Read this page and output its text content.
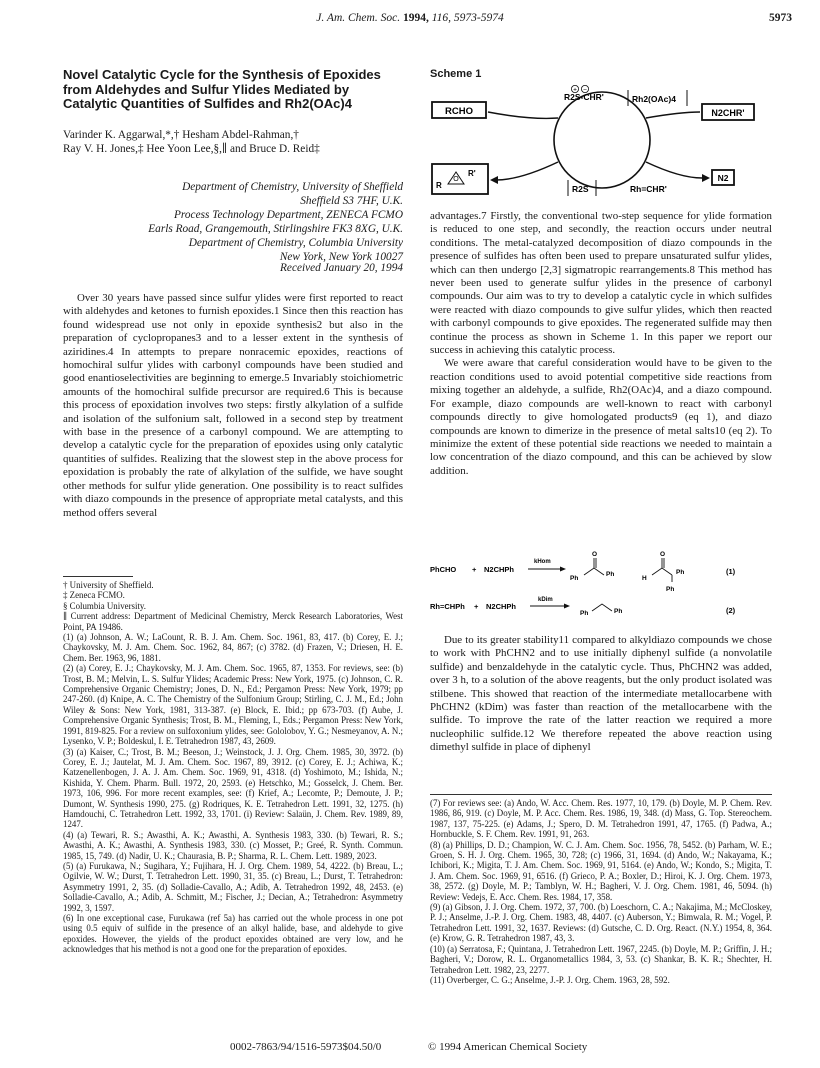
J. Am. Chem. Soc. 1994, 116, 5973-5974	5973
Novel Catalytic Cycle for the Synthesis of Epoxides from Aldehydes and Sulfur Ylides Mediated by Catalytic Quantities of Sulfides and Rh2(OAc)4
Varinder K. Aggarwal,*,† Hesham Abdel-Rahman,†
Ray V. H. Jones,‡ Hee Yoon Lee,§,∥ and Bruce D. Reid‡
Department of Chemistry, University of Sheffield
Sheffield S3 7HF, U.K.
Process Technology Department, ZENECA FCMO
Earls Road, Grangemouth, Stirlingshire FK3 8XG, U.K.
Department of Chemistry, Columbia University
New York, New York 10027
Received January 20, 1994

Over 30 years have passed since sulfur ylides were first reported to react with aldehydes and ketones to furnish epoxides.1 Since then this reaction has found widespread use not only in epoxide synthesis2 but also in the preparation of cyclopropanes3 and to a lesser extent in the synthesis of aziridines.4 In attempts to prepare nonracemic epoxides, reactions of homochiral sulfur ylides with carbonyl compounds have been studied and good enantioselectivities are beginning to emerge.5 Invariably stoichiometric amounts of the homochiral sulfide precursor are required.6 This is because this process of epoxidation involves two steps: firstly alkylation of a sulfide and isolation of the sulfonium salt, followed in a second step by treatment with base in the presence of a carbonyl compound. We are attempting to develop a catalytic cycle for the preparation of epoxides using only catalytic quantities of sulfides. Realizing that the slowest step in the above process for epoxidation is probably the rate of alkylation of the sulfide, we have sought other methods for sulfur ylide generation. One possibility is to react sulfides with diazo compounds in the presence of appropriate metal catalysts, and this method offers several

† University of Sheffield.

‡ Zeneca FCMO.

§ Columbia University.

∥ Current address: Department of Medicinal Chemistry, Merck Research Laboratories, West Point, PA 19486.

(1) (a) Johnson, A. W.; LaCount, R. B. J. Am. Chem. Soc. 1961, 83, 417. (b) Corey, E. J.; Chaykovsky, M. J. Am. Chem. Soc. 1962, 84, 867; (c) 3782. (d) Frazen, V.; Driesen, H. E. Chem. Ber. 1963, 96, 1881.

(2) (a) Corey, E. J.; Chaykovsky, M. J. Am. Chem. Soc. 1965, 87, 1353. For reviews, see: (b) Trost, B. M.; Melvin, L. S. Sulfur Ylides; Academic Press: New York, 1975. (c) Johnson, C. R. Comprehensive Organic Chemistry; Jones, D. N., Ed.; Pergamon Press: New York, 1979; pp 247-260. (d) Knipe, A. C. The Chemistry of the Sulfonium Group; Stirling, C. J. M., Ed.; John Wiley & Sons: New York, 1981, 313-387. (e) Block, E. Ibid.; pp 673-703. (f) Aube, J. Comprehensive Organic Synthesis; Trost, B. M., Fleming, I., Eds.; Pergamon Press: New York, 1991, 819-825. For a review on sulfoxonium ylides, see: Gololobov, Y. G.; Nesmeyanov, A. N.; Lysenko, V. P.; Boldeskul, I. E. Tetrahedron 1987, 43, 2609.

(3) (a) Kaiser, C.; Trost, B. M.; Beeson, J.; Weinstock, J. J. Org. Chem. 1985, 30, 3972. (b) Corey, E. J.; Jautelat, M. J. Am. Chem. Soc. 1967, 89, 3912. (c) Corey, E. J.; Achiwa, K.; Katzenellenbogen, J. A. J. Am. Chem. Soc. 1969, 91, 4318. (d) Yoshimoto, M.; Ishida, N.; Kishida, Y. Chem. Pharm. Bull. 1972, 20, 2593. (e) Hetschko, M.; Gosselck, J. Chem. Ber. 1973, 106, 996. For more recent examples, see: (f) Krief, A.; Lecomte, P.; Demoute, J. P.; Dumont, W. Synthesis 1990, 275. (g) Rodriques, K. E. Tetrahedron Lett. 1991, 32, 1275. (h) Hamdouchi, C. Tetrahedron Lett. 1992, 33, 1701. (i) Review: Salaün, J. Chem. Rev. 1989, 89, 1247.

(4) (a) Tewari, R. S.; Awasthi, A. K.; Awasthi, A. Synthesis 1983, 330. (b) Tewari, R. S.; Awasthi, A. K.; Awasthi, A. Synthesis 1983, 330. (c) Mosset, P.; Greé, R. Synth. Commun. 1985, 15, 749. (d) Nadir, U. K.; Chaurasia, B. P.; Sharma, R. L. Chem. Lett. 1989, 2023.

(5) (a) Furukawa, N.; Sugihara, Y.; Fujihara, H. J. Org. Chem. 1989, 54, 4222. (b) Breau, L.; Ogilvie, W. W.; Durst, T. Tetrahedron Lett. 1990, 31, 35. (c) Breau, L.; Durst, T. Tetrahedron: Asymmetry 1991, 2, 35. (d) Solladie-Cavallo, A.; Adib, A. Tetrahedron 1992, 48, 2453. (e) Solladie-Cavallo, A.; Adib, A. Schmitt, M.; Fischer, J.; Decian, A.; Tetrahedron: Asymmetry 1992, 3, 1597.

(6) In one exceptional case, Furukawa (ref 5a) has carried out the whole process in one pot using 0.5 equiv of sulfide in the presence of an alkyl halide, base, and aldehyde to give epoxides. However, the yields of the product epoxides obtained are very low, and he acknowledges that his method is not a good one for the preparation of epoxides.

Scheme 1
RCHO
R2S-CHR'
+ −
Rh2(OAc)4
N2CHR'
R
O
R'
R2S	Rh=CHR'
N2

advantages.7 Firstly, the conventional two-step sequence for ylide formation is reduced to one step, and secondly, the reaction occurs under neutral conditions. The metal-catalyzed decomposition of diazo compounds in the presence of sulfides has often been used to prepare unsaturated sulfur ylides, which can then undergo [2,3] sigmatropic rearrangements.8 This method has never been used to generate sulfur ylides in the presence of carbonyl compounds. Our aim was to try to develop a catalytic cycle in which sulfides were reacted with diazo compounds to give sulfur ylides, which then reacted with carbonyl compounds to give epoxides. The regenerated sulfide may then continue the process as shown in Scheme 1. In this paper we report our success in achieving this catalytic process.

We were aware that careful consideration would have to be given to the reaction conditions used to avoid potential competitive side reactions from mixing together an aldehyde, a sulfide, Rh2(OAc)4, and a diazo compound. For example, diazo compounds are well-known to react with carbonyl compounds directly to give homologated products9 (eq 1), and diazo compounds are known to dimerize in the presence of metal salts10 (eq 2). To minimize the extent of these potential side reactions we needed to maintain a low concentration of the diazo compound, and this can be achieved by slow addition.

PhCHO + N2CHPh
kHom
O
Ph
Ph
O
H
Ph
Ph
(1)
Rh=CHPh + N2CHPh
kDim
Ph	Ph	(2)

Due to its greater stability11 compared to alkyldiazo compounds we chose to work with PhCHN2 and to use initially diphenyl sulfide (a nonvolatile sulfide) and benzaldehyde in the catalytic cycle. Thus, PhCHN2 was added, over 3 h, to a solution of the above reagents, but the only product isolated was stilbene. This showed that reaction of the intermediate metallocarbene with PhCHN2 (kDim) was faster than reaction of the metallocarbene with the sulfide. To improve the rate of the latter reaction we required a more nucleophilic sulfide.12 We therefore repeated the above reaction using dimethyl sulfide in place of diphenyl

(7) For reviews see: (a) Ando, W. Acc. Chem. Res. 1977, 10, 179. (b) Doyle, M. P. Chem. Rev. 1986, 86, 919. (c) Doyle, M. P. Acc. Chem. Res. 1986, 19, 348. (d) Mass, G. Top. Stereochem. 1987, 137, 75-225. (e) Adams, J.; Spero, D. M. Tetrahedron 1991, 47, 1765. (f) Padwa, A.; Hornbuckle, S. F. Chem. Rev. 1991, 91, 263.

(8) (a) Phillips, D. D.; Champion, W. C. J. Am. Chem. Soc. 1956, 78, 5452. (b) Parham, W. E.; Groen, S. H. J. Org. Chem. 1965, 30, 728; (c) 1966, 31, 1694. (d) Ando, W.; Nakayama, K.; Ichibori, K.; Migita, T. J. Am. Chem. Soc. 1969, 91, 5164. (e) Ando, W.; Kondo, S.; Migita, T. J. Am. Chem. Soc. 1969, 91, 6516. (f) Grieco, P. A.; Boxler, D.; Hiroi, K. J. Org. Chem. 1973, 38, 2572. (g) Doyle, M. P.; Tamblyn, W. H.; Bagheri, V. J. Org. Chem. 1981, 46, 5094. (h) Review: Vedejs, E. Acc. Chem. Res. 1984, 17, 358.

(9) (a) Gibson, J. J. Org. Chem. 1972, 37, 700. (b) Loeschorn, C. A.; Nakajima, M.; McCloskey, P. J.; Anselme, J.-P. J. Org. Chem. 1983, 48, 4407. (c) Auberson, Y.; Bimwala, R. M.; Vogel, P. Tetrahedron Lett. 1991, 32, 1637. Reviews: (d) Gutsche, C. D. Org. React. (N.Y.) 1954, 8, 364. (e) Krow, G. R. Tetrahedron 1987, 43, 3.

(10) (a) Serratosa, F.; Quintana, J. Tetrahedron Lett. 1967, 2245. (b) Doyle, M. P.; Griffin, J. H.; Bagheri, V.; Dorow, R. L. Organometallics 1984, 3, 53. (c) Shankar, B. K. R.; Shechter, H. Tetrahedron Lett. 1982, 23, 2277.

(11) Overberger, C. G.; Anselme, J.-P. J. Org. Chem. 1963, 28, 592.

0002-7863/94/1516-5973$04.50/0	© 1994 American Chemical Society
